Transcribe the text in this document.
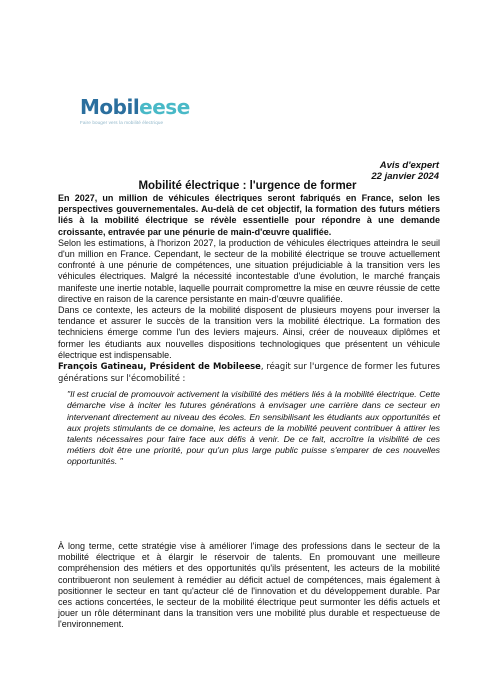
Mobileese
Faire bouger vers la mobilité électrique
Avis d'expert
22 janvier 2024
Mobilité électrique : l'urgence de former

En 2027, un million de véhicules électriques seront fabriqués en France, selon les perspectives gouvernementales. Au-delà de cet objectif, la formation des futurs métiers liés à la mobilité électrique se révèle essentielle pour répondre à une demande croissante, entravée par une pénurie de main-d'œuvre qualifiée.

Selon les estimations, à l'horizon 2027, la production de véhicules électriques atteindra le seuil d'un million en France. Cependant, le secteur de la mobilité électrique se trouve actuellement confronté à une pénurie de compétences, une situation préjudiciable à la transition vers les véhicules électriques. Malgré la nécessité incontestable d'une évolution, le marché français manifeste une inertie notable, laquelle pourrait compromettre la mise en œuvre réussie de cette directive en raison de la carence persistante en main-d'œuvre qualifiée.

Dans ce contexte, les acteurs de la mobilité disposent de plusieurs moyens pour inverser la tendance et assurer le succès de la transition vers la mobilité électrique. La formation des techniciens émerge comme l'un des leviers majeurs. Ainsi, créer de nouveaux diplômes et former les étudiants aux nouvelles dispositions technologiques que présentent un véhicule électrique est indispensable.

François Gatineau, Président de Mobileese, réagit sur l'urgence de former les futures générations sur l'écomobilité :

"Il est crucial de promouvoir activement la visibilité des métiers liés à la mobilité électrique. Cette démarche vise à inciter les futures générations à envisager une carrière dans ce secteur en intervenant directement au niveau des écoles. En sensibilisant les étudiants aux opportunités et aux projets stimulants de ce domaine, les acteurs de la mobilité peuvent contribuer à attirer les talents nécessaires pour faire face aux défis à venir. De ce fait, accroître la visibilité de ces métiers doit être une priorité, pour qu'un plus large public puisse s'emparer de ces nouvelles opportunités. "

À long terme, cette stratégie vise à améliorer l'image des professions dans le secteur de la mobilité électrique et à élargir le réservoir de talents. En promouvant une meilleure compréhension des métiers et des opportunités qu'ils présentent, les acteurs de la mobilité contribueront non seulement à remédier au déficit actuel de compétences, mais également à positionner le secteur en tant qu'acteur clé de l'innovation et du développement durable. Par ces actions concertées, le secteur de la mobilité électrique peut surmonter les défis actuels et jouer un rôle déterminant dans la transition vers une mobilité plus durable et respectueuse de l'environnement.
